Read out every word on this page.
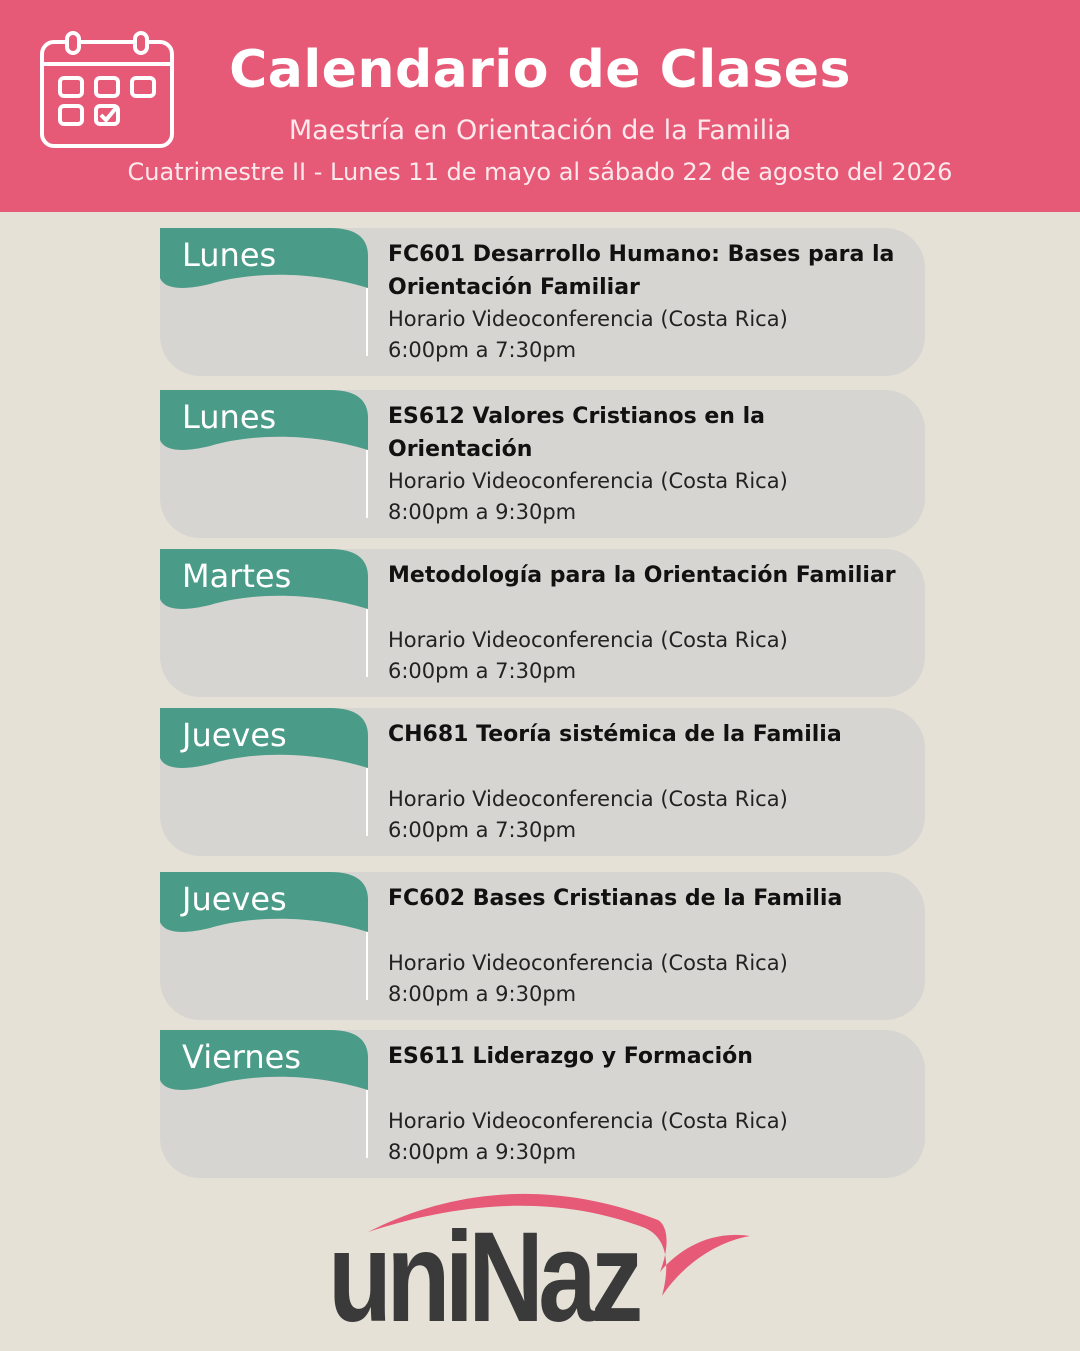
Calendario de Clases
Maestría en Orientación de la Familia
Cuatrimestre II - Lunes 11 de mayo al sábado 22 de agosto del 2026
Lunes	FC601 Desarrollo Humano: Bases para la Orientación Familiar
Horario Videoconferencia (Costa Rica)
6:00pm a 7:30pm
Lunes	ES612 Valores Cristianos en la Orientación
Horario Videoconferencia (Costa Rica)
8:00pm a 9:30pm
Martes	Metodología para la Orientación Familiar
Horario Videoconferencia (Costa Rica)
6:00pm a 7:30pm
Jueves	CH681 Teoría sistémica de la Familia
Horario Videoconferencia (Costa Rica)
6:00pm a 7:30pm
Jueves	FC602 Bases Cristianas de la Familia
Horario Videoconferencia (Costa Rica)
8:00pm a 9:30pm
Viernes	ES611 Liderazgo y Formación
Horario Videoconferencia (Costa Rica)
8:00pm a 9:30pm
uniNaz
